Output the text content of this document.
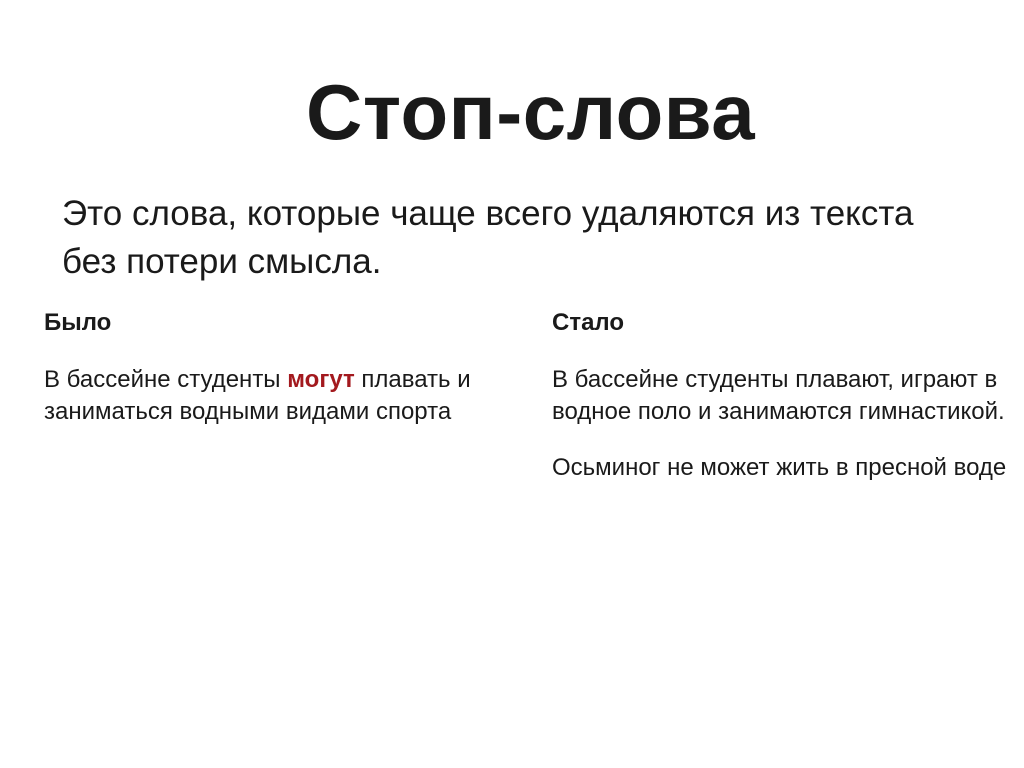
Стоп-слова

Это слова, которые чаще всего удаляются из текста без потери смысла.

Было

В бассейне студенты могут плавать и заниматься водными видами спорта

Стало

В бассейне студенты плавают, играют в водное поло и занимаются гимнастикой.

Осьминог не может жить в пресной воде
